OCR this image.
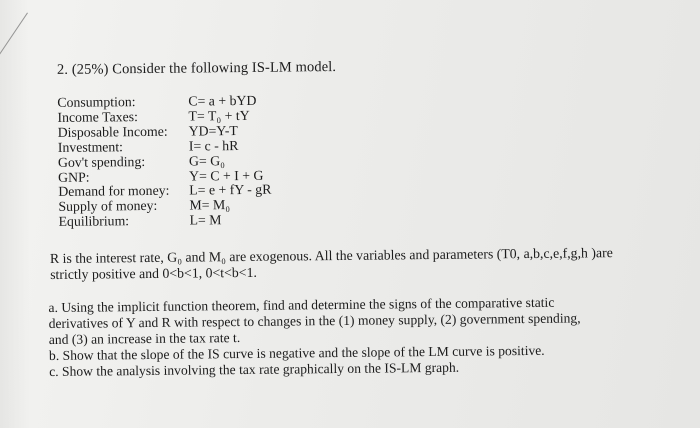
2. (25%) Consider the following IS-LM model.
Consumption:	C= a + bYD
Income Taxes:	T= T₀ + tY
Disposable Income:	YD=Y-T
Investment:	I= c - hR
Gov't spending:	G= G₀
GNP:	Y= C + I + G
Demand for money:	L= e + fY - gR
Supply of money:	M= M₀
Equilibrium:	L= M
R is the interest rate, G₀ and M₀ are exogenous. All the variables and parameters (T0, a,b,c,e,f,g,h )are
strictly positive and 0<b<1, 0<t<b<1.
a. Using the implicit function theorem, find and determine the signs of the comparative static
derivatives of Y and R with respect to changes in the (1) money supply, (2) government spending,
and (3) an increase in the tax rate t.
b. Show that the slope of the IS curve is negative and the slope of the LM curve is positive.
c. Show the analysis involving the tax rate graphically on the IS-LM graph.
